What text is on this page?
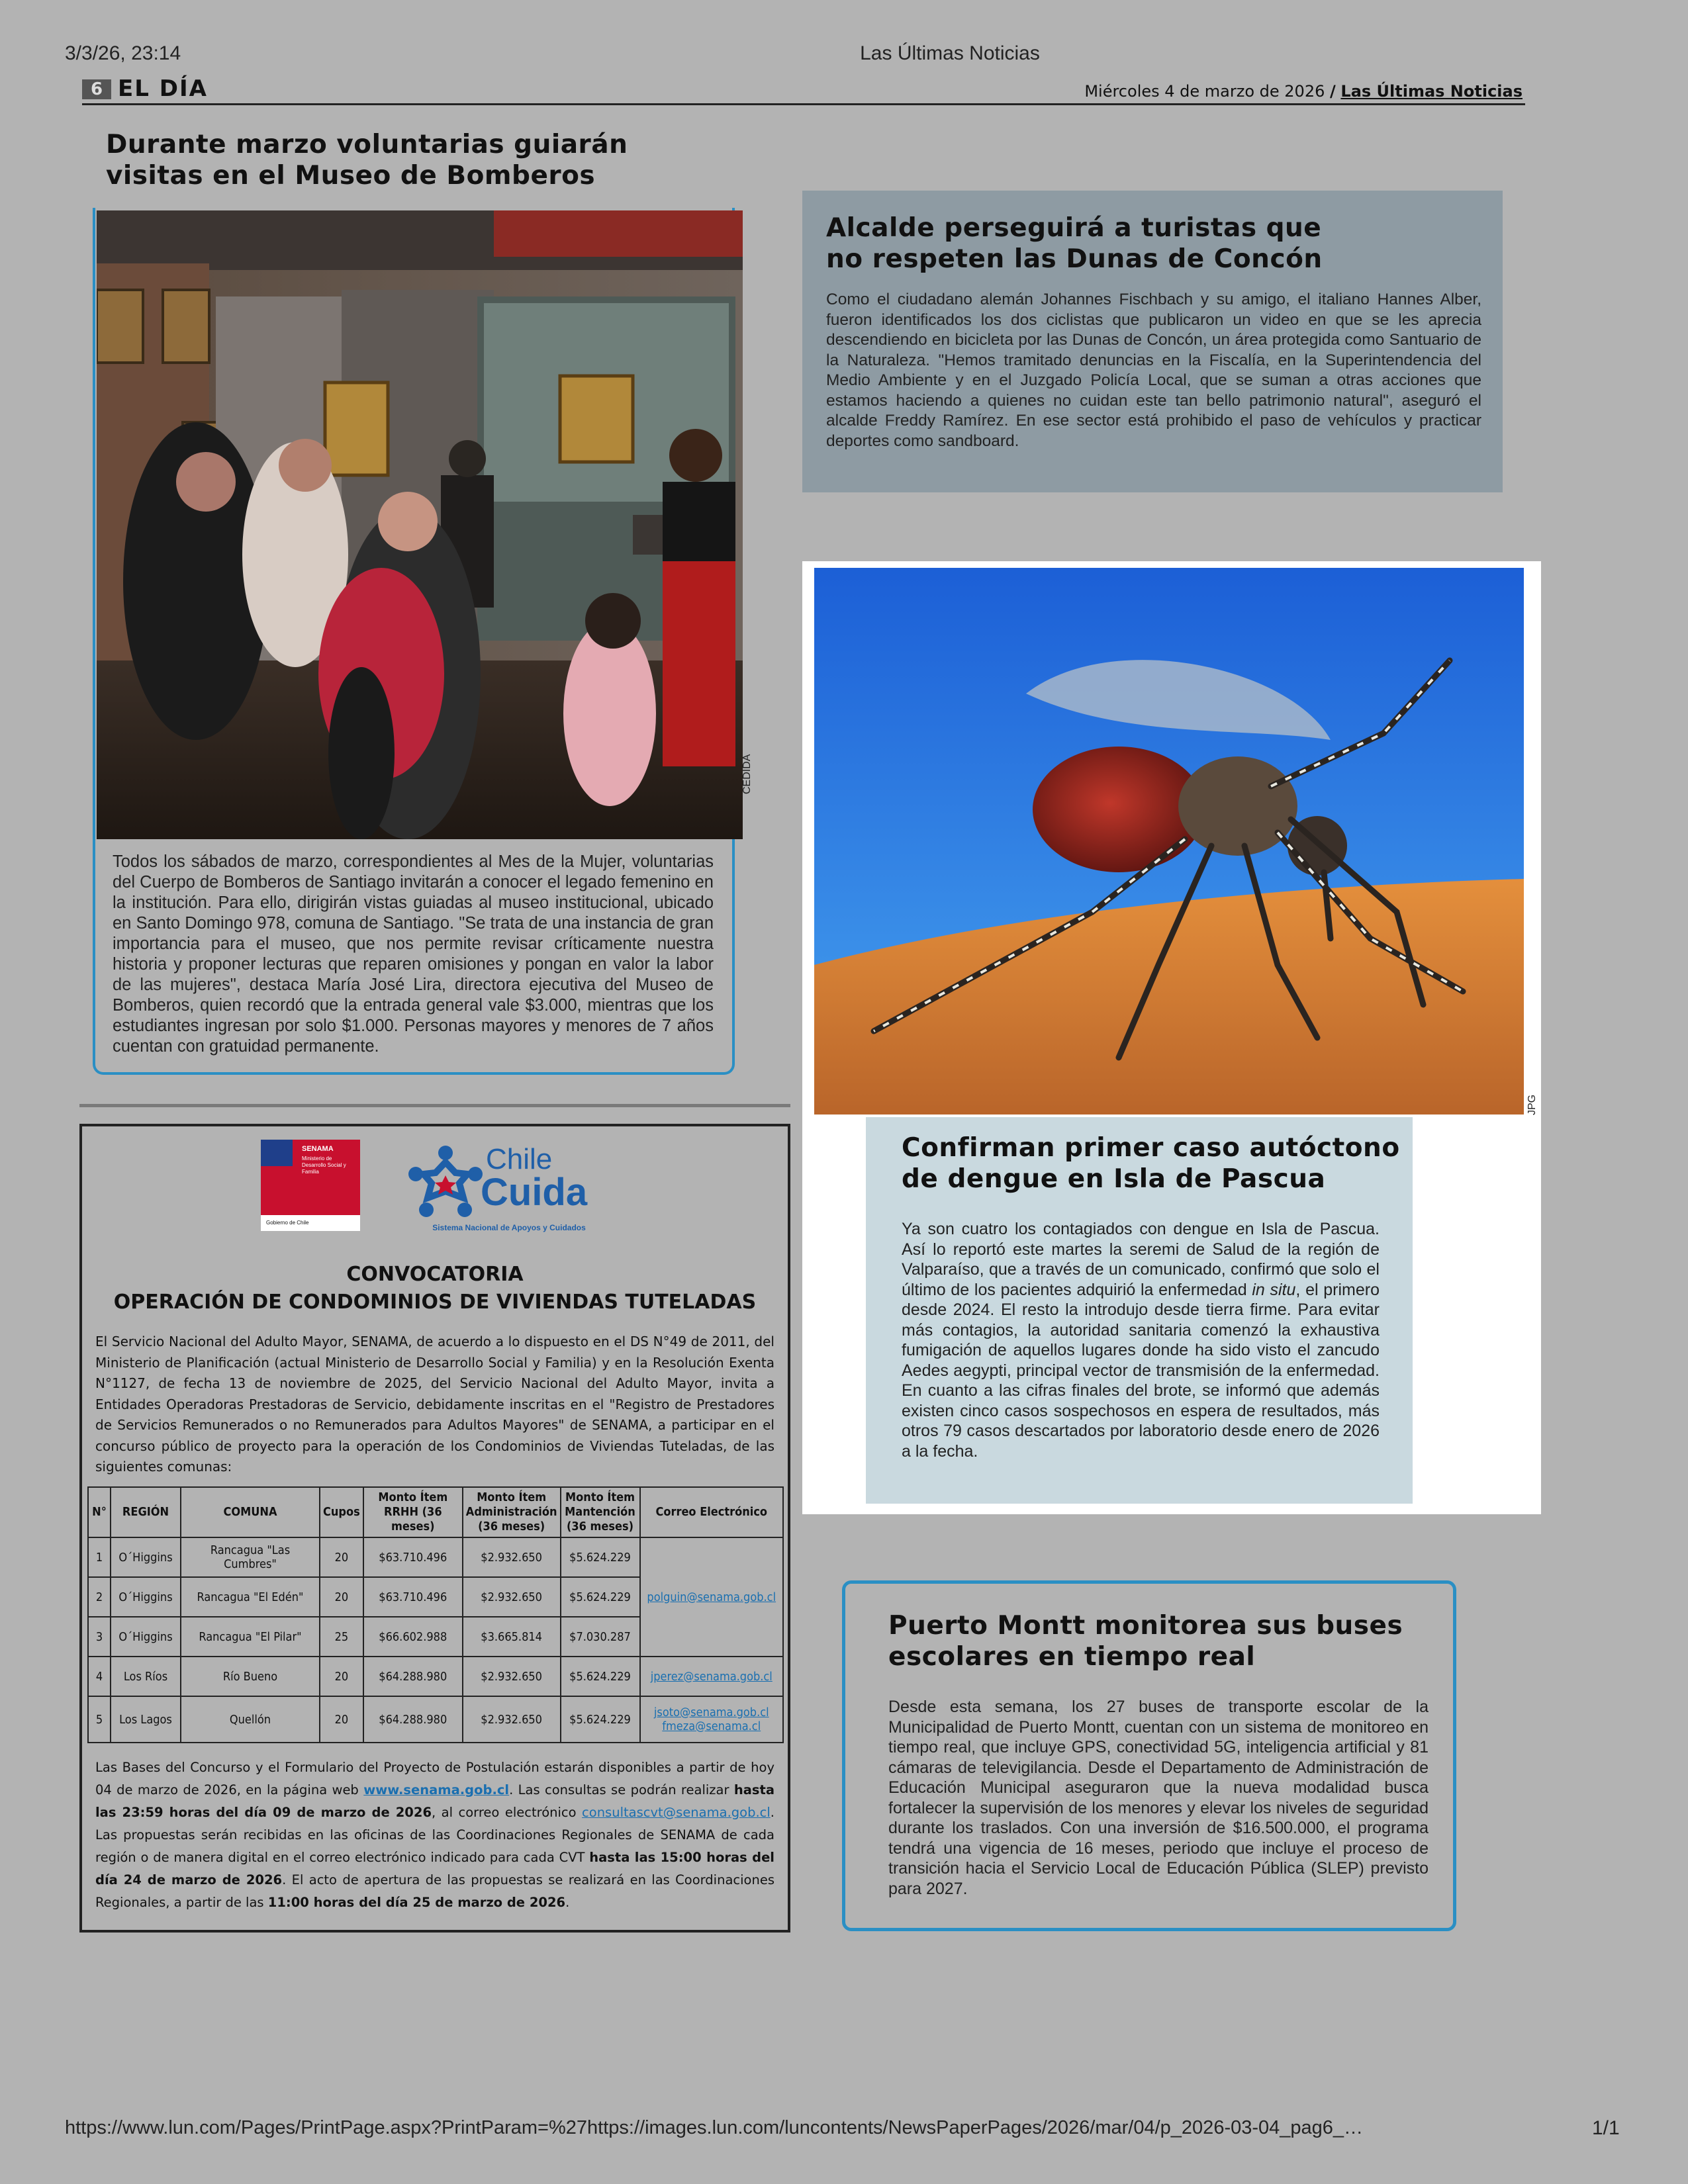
3/3/26, 23:14	Las Últimas Noticias
https://www.lun.com/Pages/PrintPage.aspx?PrintParam=%27https://images.lun.com/luncontents/NewsPaperPages/2026/mar/04/p_2026-03-04_pag6_…	1/1
6 EL DÍA	Miércoles 4 de marzo de 2026 / Las Últimas Noticias
Durante marzo voluntarias guiarán
visitas en el Museo de Bomberos
CEDIDA
Todos los sábados de marzo, correspondientes al Mes de la Mujer, voluntarias del Cuerpo de Bomberos de Santiago invitarán a conocer el legado femenino en la institución. Para ello, dirigirán vistas guiadas al museo institucional, ubicado en Santo Domingo 978, comuna de Santiago. "Se trata de una instancia de gran importancia para el museo, que nos permite revisar críticamente nuestra historia y proponer lecturas que reparen omisiones y pongan en valor la labor de las mujeres", destaca María José Lira, directora ejecutiva del Museo de Bomberos, quien recordó que la entrada general vale $3.000, mientras que los estudiantes ingresan por solo $1.000. Personas mayores y menores de 7 años cuentan con gratuidad permanente.
Alcalde perseguirá a turistas que
no respeten las Dunas de Concón
Como el ciudadano alemán Johannes Fischbach y su amigo, el italiano Hannes Alber, fueron identificados los dos ciclistas que publicaron un video en que se les aprecia descendiendo en bicicleta por las Dunas de Concón, un área protegida como Santuario de la Naturaleza. "Hemos tramitado denuncias en la Fiscalía, en la Superintendencia del Medio Ambiente y en el Juzgado Policía Local, que se suman a otras acciones que estamos haciendo a quienes no cuidan este tan bello patrimonio natural", aseguró el alcalde Freddy Ramírez. En ese sector está prohibido el paso de vehículos y practicar deportes como sandboard.
JPG
Confirman primer caso autóctono
de dengue en Isla de Pascua
Ya son cuatro los contagiados con dengue en Isla de Pascua. Así lo reportó este martes la seremi de Salud de la región de Valparaíso, que a través de un comunicado, confirmó que solo el último de los pacientes adquirió la enfermedad in situ, el primero desde 2024. El resto la introdujo desde tierra firme. Para evitar más contagios, la autoridad sanitaria comenzó la exhaustiva fumigación de aquellos lugares donde ha sido visto el zancudo Aedes aegypti, principal vector de transmisión de la enfermedad. En cuanto a las cifras finales del brote, se informó que además existen cinco casos sospechosos en espera de resultados, más otros 79 casos descartados por laboratorio desde enero de 2026 a la fecha.
Puerto Montt monitorea sus buses
escolares en tiempo real
Desde esta semana, los 27 buses de transporte escolar de la Municipalidad de Puerto Montt, cuentan con un sistema de monitoreo en tiempo real, que incluye GPS, conectividad 5G, inteligencia artificial y 81 cámaras de televigilancia. Desde el Departamento de Administración de Educación Municipal aseguraron que la nueva modalidad busca fortalecer la supervisión de los menores y elevar los niveles de seguridad durante los traslados. Con una inversión de $16.500.000, el programa tendrá una vigencia de 16 meses, periodo que incluye el proceso de transición hacia el Servicio Local de Educación Pública (SLEP) previsto para 2027.
SENAMA
Ministerio de Desarrollo Social y Familia
Gobierno de Chile
Chile
Cuida
Sistema Nacional de Apoyos y Cuidados
CONVOCATORIA
OPERACIÓN DE CONDOMINIOS DE VIVIENDAS TUTELADAS
El Servicio Nacional del Adulto Mayor, SENAMA, de acuerdo a lo dispuesto en el DS N°49 de 2011, del Ministerio de Planificación (actual Ministerio de Desarrollo Social y Familia) y en la Resolución Exenta N°1127, de fecha 13 de noviembre de 2025, del Servicio Nacional del Adulto Mayor, invita a Entidades Operadoras Prestadoras de Servicio, debidamente inscritas en el "Registro de Prestadores de Servicios Remunerados o no Remunerados para Adultos Mayores" de SENAMA, a participar en el concurso público de proyecto para la operación de los Condominios de Viviendas Tuteladas, de las siguientes comunas:
N°	REGIÓN	COMUNA	Cupos	Monto Ítem RRHH (36 meses)	Monto Ítem Administración (36 meses)	Monto Ítem Mantención (36 meses)	Correo Electrónico
1	O´Higgins	Rancagua "Las Cumbres"	20	$63.710.496	$2.932.650	$5.624.229	polguin@senama.gob.cl
2	O´Higgins	Rancagua "El Edén"	20	$63.710.496	$2.932.650	$5.624.229	
3	O´Higgins	Rancagua "El Pilar"	25	$66.602.988	$3.665.814	$7.030.287	
4	Los Ríos	Río Bueno	20	$64.288.980	$2.932.650	$5.624.229	jperez@senama.gob.cl
5	Los Lagos	Quellón	20	$64.288.980	$2.932.650	$5.624.229	jsoto@senama.gob.cl
fmeza@senama.cl
Las Bases del Concurso y el Formulario del Proyecto de Postulación estarán disponibles a partir de hoy 04 de marzo de 2026, en la página web www.senama.gob.cl. Las consultas se podrán realizar hasta las 23:59 horas del día 09 de marzo de 2026, al correo electrónico consultascvt@senama.gob.cl. Las propuestas serán recibidas en las oficinas de las Coordinaciones Regionales de SENAMA de cada región o de manera digital en el correo electrónico indicado para cada CVT hasta las 15:00 horas del día 24 de marzo de 2026. El acto de apertura de las propuestas se realizará en las Coordinaciones Regionales, a partir de las 11:00 horas del día 25 de marzo de 2026.
